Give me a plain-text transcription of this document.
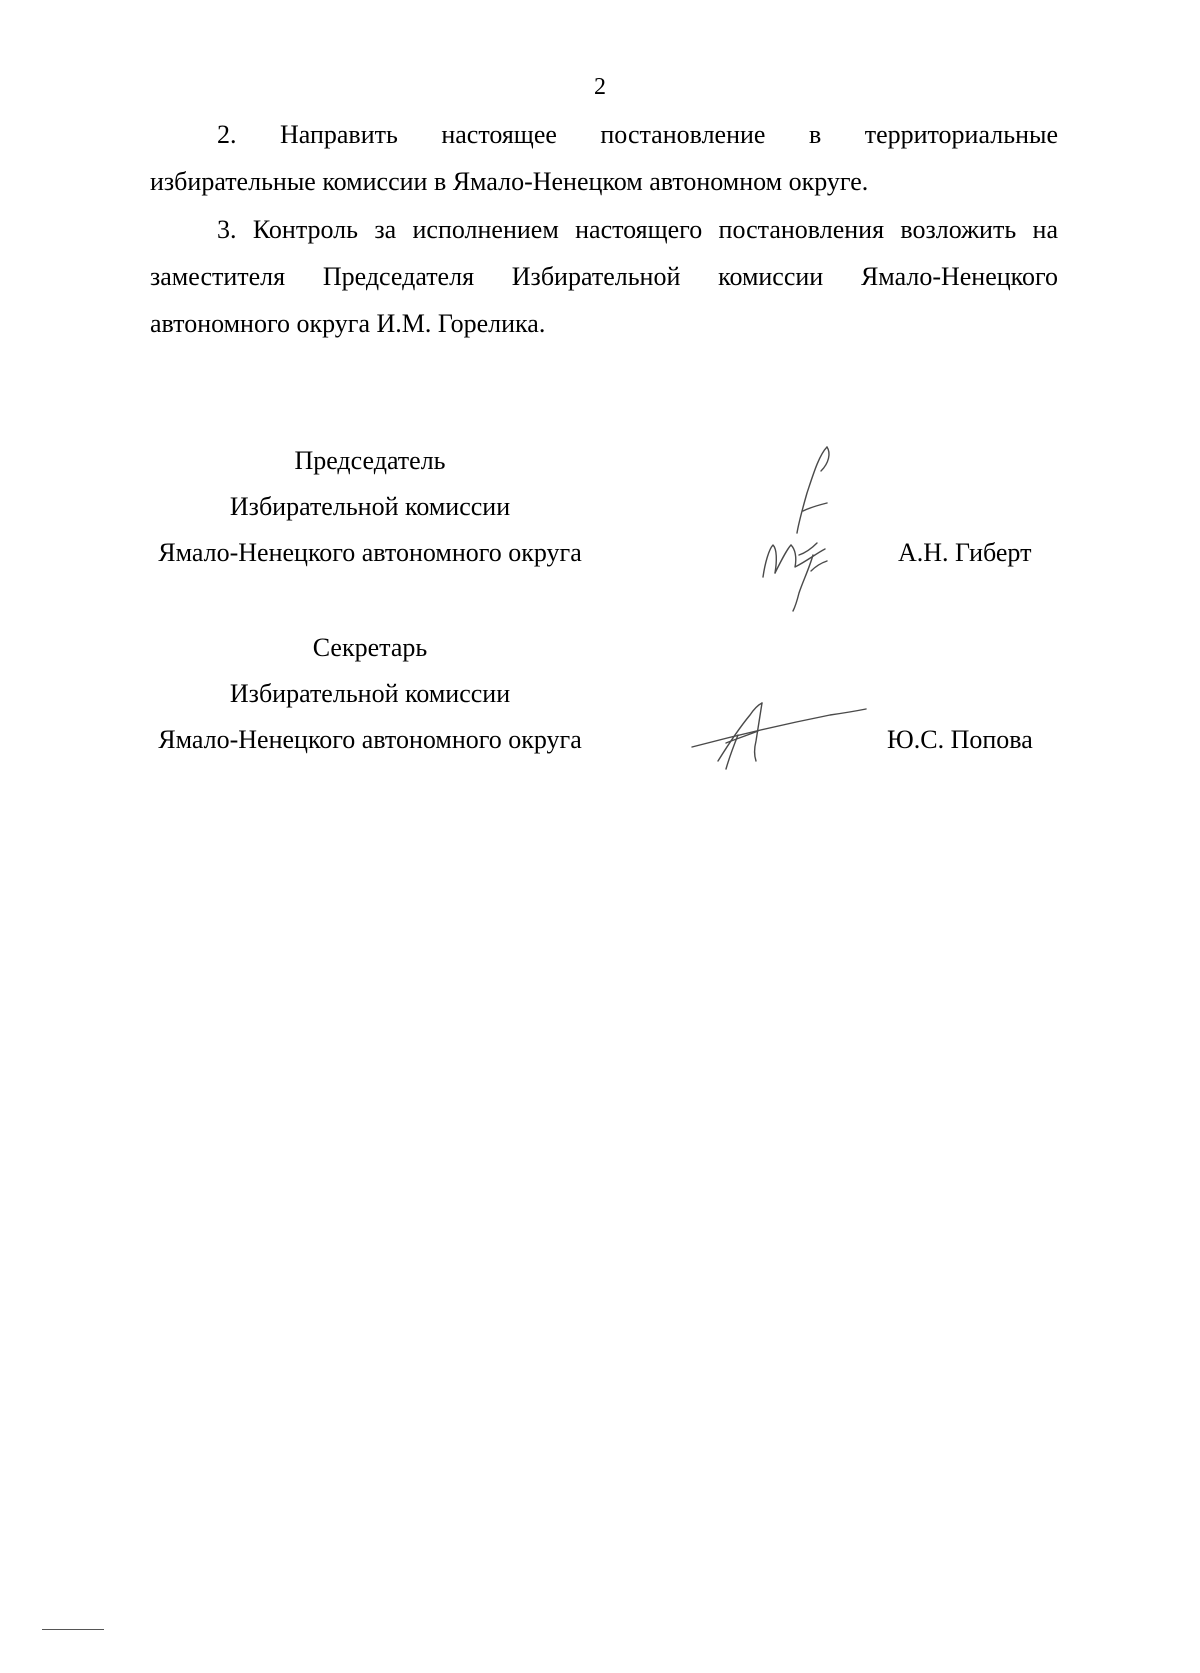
2
2. Направить настоящее постановление в территориальные
избирательные комиссии в Ямало-Ненецком автономном округе.
3. Контроль за исполнением настоящего постановления возложить на
заместителя Председателя Избирательной комиссии Ямало-Ненецкого
автономного округа И.М. Горелика.
Председатель
Избирательной комиссии
Ямало-Ненецкого автономного округа	А.Н. Гиберт
Секретарь
Избирательной комиссии
Ямало-Ненецкого автономного округа	Ю.С. Попова
